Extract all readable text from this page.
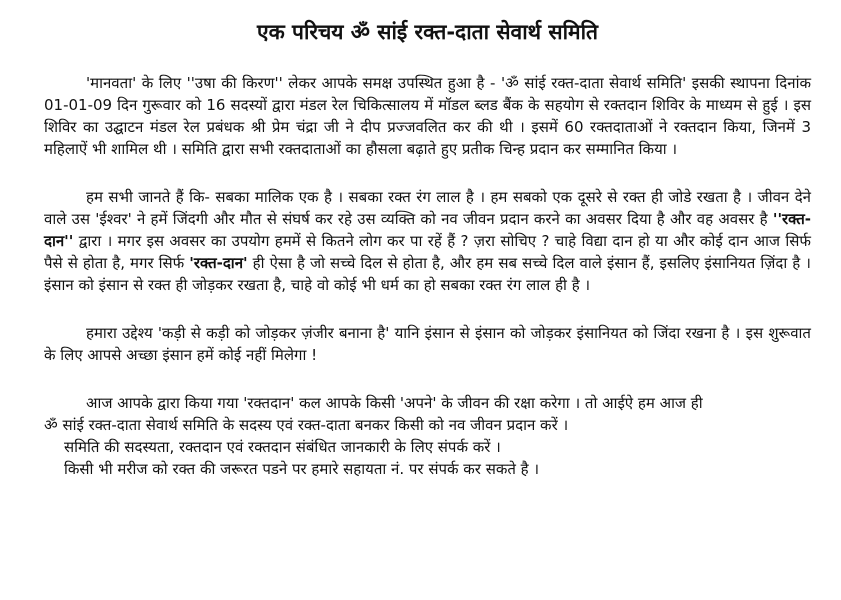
एक परिचय ॐ सांई रक्त-दाता सेवार्थ समिति

'मानवता' के लिए ''उषा की किरण'' लेकर आपके समक्ष उपस्थित हुआ है - 'ॐ सांई रक्त-दाता सेवार्थ समिति' इसकी स्थापना दिनांक 01-01-09 दिन गुरूवार को 16 सदस्यों द्वारा मंडल रेल चिकित्सालय में मॉडल ब्लड बैंक के सहयोग से रक्तदान शिविर के माध्यम से हुई । इस शिविर का उद्घाटन मंडल रेल प्रबंधक श्री प्रेम चंद्रा जी ने दीप प्रज्जवलित कर की थी । इसमें 60 रक्तदाताओं ने रक्तदान किया, जिनमें 3 महिलाऐं भी शामिल थी । समिति द्वारा सभी रक्तदाताओं का हौसला बढ़ाते हुए प्रतीक चिन्ह प्रदान कर सम्मानित किया ।

हम सभी जानते हैं कि- सबका मालिक एक है । सबका रक्त रंग लाल है । हम सबको एक दूसरे से रक्त ही जोडे रखता है । जीवन देने वाले उस 'ईश्वर' ने हमें जिंदगी और मौत से संघर्ष कर रहे उस व्यक्ति को नव जीवन प्रदान करने का अवसर दिया है और वह अवसर है ''रक्त-दान'' द्वारा । मगर इस अवसर का उपयोग हममें से कितने लोग कर पा रहें हैं ? ज़रा सोचिए ? चाहे विद्या दान हो या और कोई दान आज सिर्फ पैसे से होता है, मगर सिर्फ 'रक्त-दान' ही ऐसा है जो सच्चे दिल से होता है, और हम सब सच्चे दिल वाले इंसान हैं, इसलिए इंसानियत ज़िंदा है । इंसान को इंसान से रक्त ही जोड़कर रखता है, चाहे वो कोई भी धर्म का हो सबका रक्त रंग लाल ही है ।

हमारा उद्देश्य 'कड़ी से कड़ी को जोड़कर ज़ंजीर बनाना है' यानि इंसान से इंसान को जोड़कर इंसानियत को जिंदा रखना है । इस शुरूवात के लिए आपसे अच्छा इंसान हमें कोई नहीं मिलेगा !

आज आपके द्वारा किया गया 'रक्तदान' कल आपके किसी 'अपने' के जीवन की रक्षा करेगा । तो आईऐ हम आज ही
ॐ सांई रक्त-दाता सेवार्थ समिति के सदस्य एवं रक्त-दाता बनकर किसी को नव जीवन प्रदान करें ।
समिति की सदस्यता, रक्तदान एवं रक्तदान संबंधित जानकारी के लिए संपर्क करें ।
किसी भी मरीज को रक्त की जरूरत पडने पर हमारे सहायता नं. पर संपर्क कर सकते है ।
